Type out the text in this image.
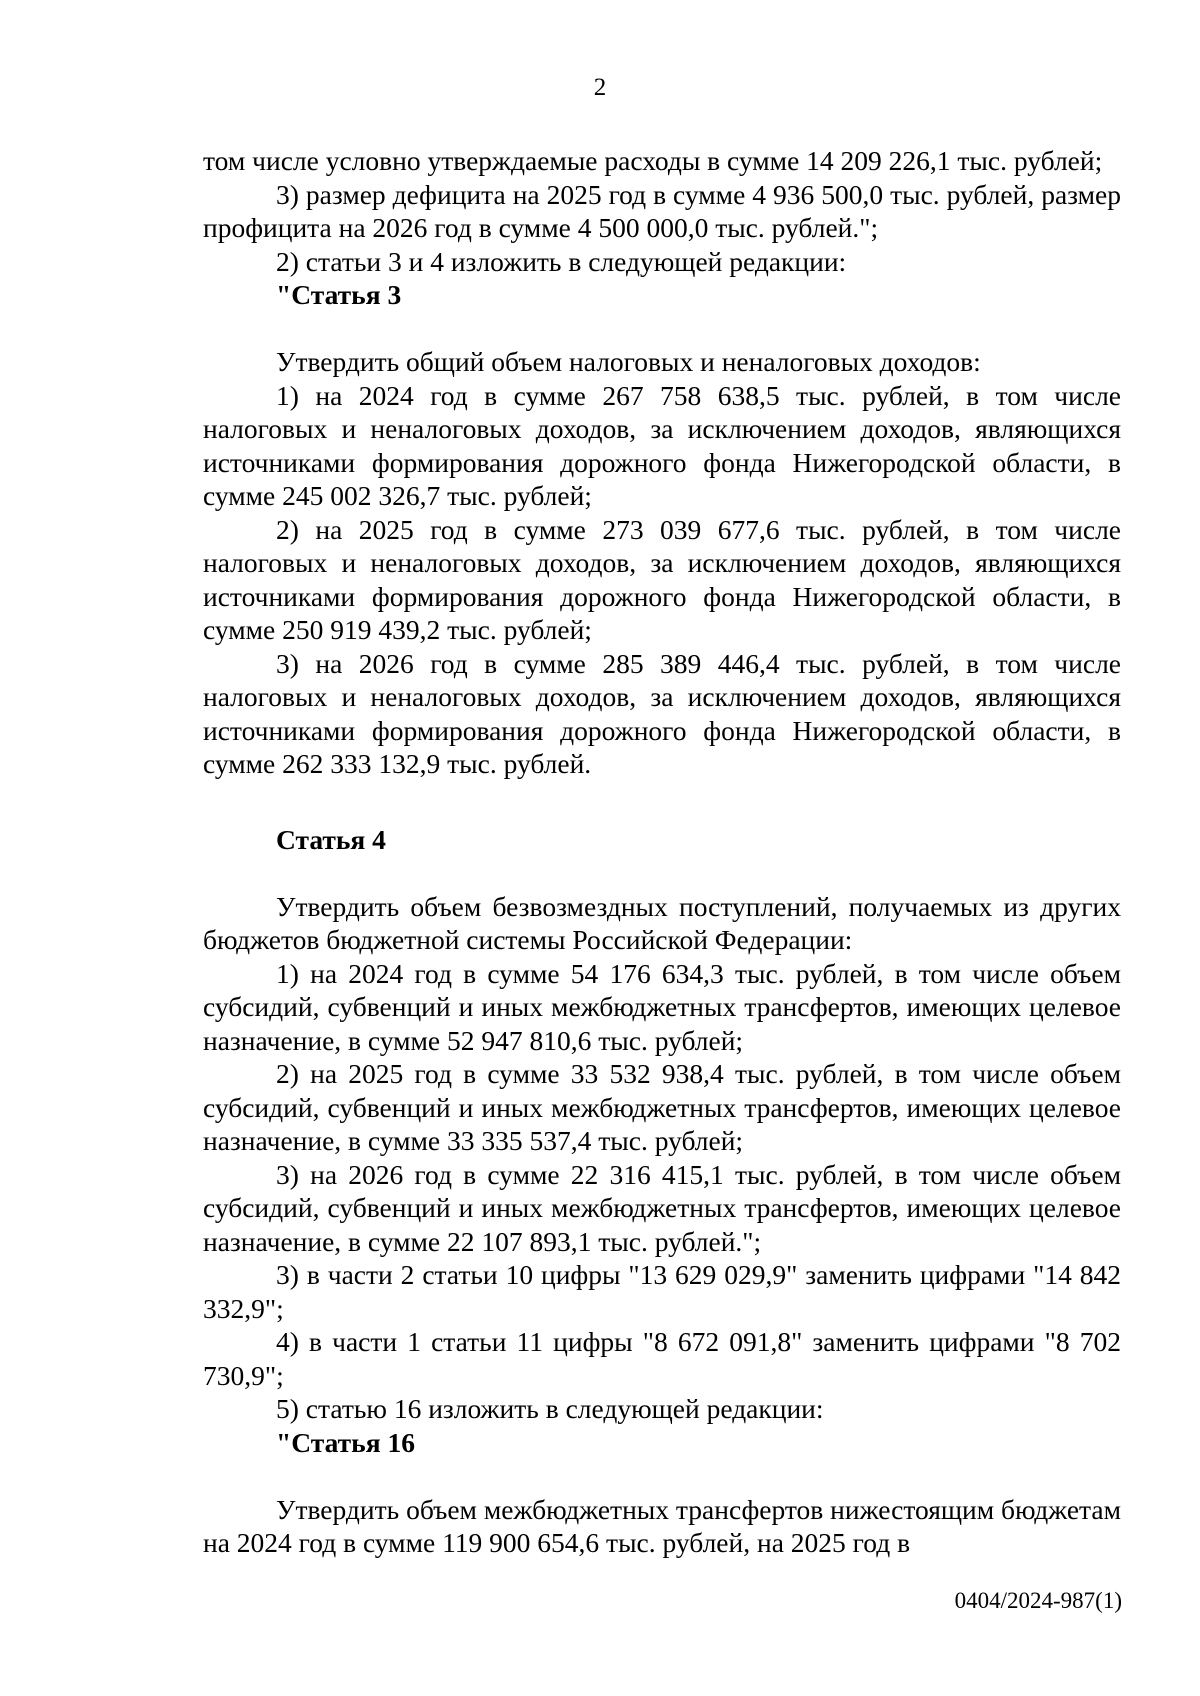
2

том числе условно утверждаемые расходы в сумме 14 209 226,1 тыс. рублей;

3) размер дефицита на 2025 год в сумме 4 936 500,0 тыс. рублей, размер профицита на 2026 год в сумме 4 500 000,0 тыс. рублей.";

2) статьи 3 и 4 изложить в следующей редакции:

"Статья 3

Утвердить общий объем налоговых и неналоговых доходов:

1) на 2024 год в сумме 267 758 638,5 тыс. рублей, в том числе налоговых и неналоговых доходов, за исключением доходов, являющихся источниками формирования дорожного фонда Нижегородской области, в сумме 245 002 326,7 тыс. рублей;

2) на 2025 год в сумме 273 039 677,6 тыс. рублей, в том числе налоговых и неналоговых доходов, за исключением доходов, являющихся источниками формирования дорожного фонда Нижегородской области, в сумме 250 919 439,2 тыс. рублей;

3) на 2026 год в сумме 285 389 446,4 тыс. рублей, в том числе налоговых и неналоговых доходов, за исключением доходов, являющихся источниками формирования дорожного фонда Нижегородской области, в сумме 262 333 132,9 тыс. рублей.

Статья 4

Утвердить объем безвозмездных поступлений, получаемых из других бюджетов бюджетной системы Российской Федерации:

1) на 2024 год в сумме 54 176 634,3 тыс. рублей, в том числе объем субсидий, субвенций и иных межбюджетных трансфертов, имеющих целевое назначение, в сумме 52 947 810,6 тыс. рублей;

2) на 2025 год в сумме 33 532 938,4 тыс. рублей, в том числе объем субсидий, субвенций и иных межбюджетных трансфертов, имеющих целевое назначение, в сумме 33 335 537,4 тыс. рублей;

3) на 2026 год в сумме 22 316 415,1 тыс. рублей, в том числе объем субсидий, субвенций и иных межбюджетных трансфертов, имеющих целевое назначение, в сумме 22 107 893,1 тыс. рублей.";

3) в части 2 статьи 10 цифры "13 629 029,9" заменить цифрами "14 842 332,9";

4) в части 1 статьи 11 цифры "8 672 091,8" заменить цифрами "8 702 730,9";

5) статью 16 изложить в следующей редакции:

"Статья 16

Утвердить объем межбюджетных трансфертов нижестоящим бюджетам на 2024 год в сумме 119 900 654,6 тыс. рублей, на 2025 год в

0404/2024-987(1)
